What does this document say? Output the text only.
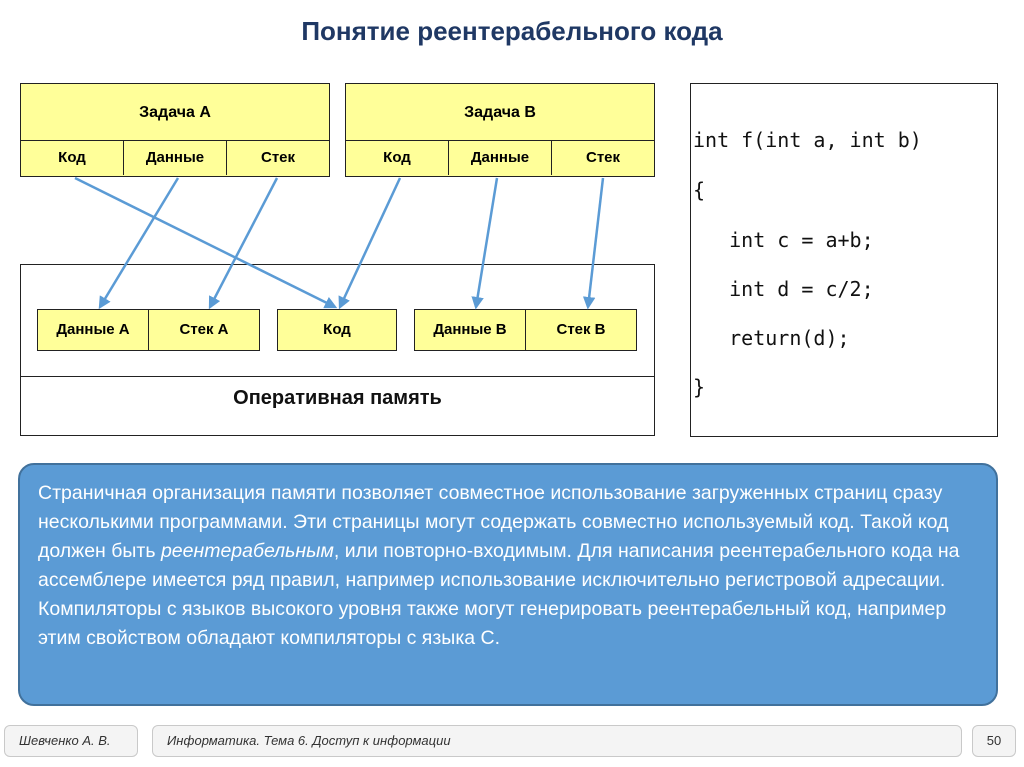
Понятие реентерабельного кода
Задача А
Код	Данные	Стек
Задача В
Код	Данные	Стек
Оперативная память
Данные А	Стек А	Код	Данные В	Стек В
int f(int a, int b)
{
int c = a+b;
int d = c/2;
return(d);
}
Страничная организация памяти позволяет совместное использование загруженных страниц сразу несколькими программами. Эти страницы могут содержать совместно используемый код. Такой код должен быть реентерабельным, или повторно-входимым. Для написания реентерабельного кода на ассемблере имеется ряд правил, например использование исключительно регистровой адресации. Компиляторы с языков высокого уровня также могут генерировать реентерабельный код, например этим свойством обладают компиляторы с языка С.
Шевченко А. В.	Информатика. Тема 6. Доступ к информации	50
